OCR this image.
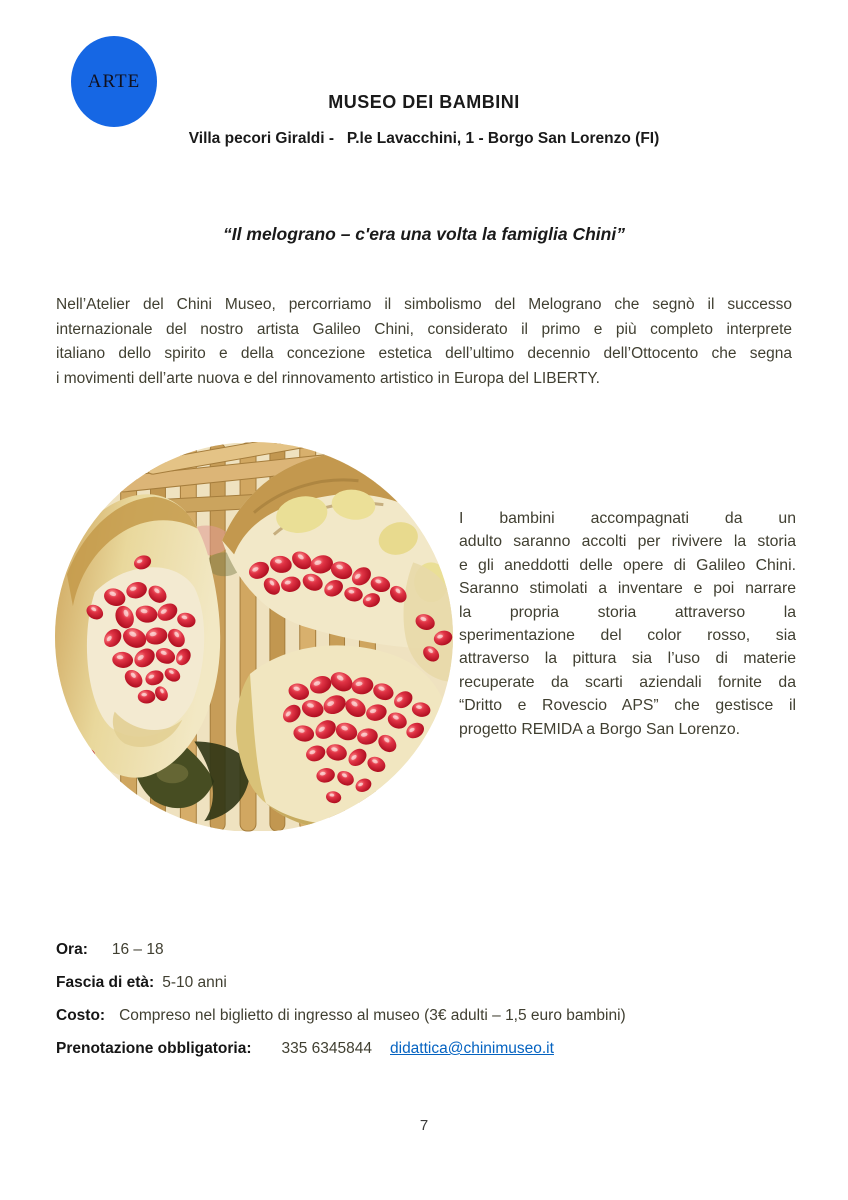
ARTE
MUSEO DEI BAMBINI
Villa pecori Giraldi -   P.le Lavacchini, 1 - Borgo San Lorenzo (FI)
“Il melograno – c'era una volta la famiglia Chini”
Nell’Atelier del Chini Museo, percorriamo il simbolismo del Melograno che segnò il successo
internazionale del nostro artista Galileo Chini, considerato il primo e più completo interprete
italiano dello spirito e della concezione estetica dell’ultimo decennio dell’Ottocento che segna
i movimenti dell’arte nuova e del rinnovamento artistico in Europa del LIBERTY.
I bambini accompagnati da un
adulto saranno accolti per rivivere la storia
e gli aneddotti delle opere di Galileo Chini.
Saranno stimolati a inventare e poi narrare
la propria storia attraverso la
sperimentazione del color rosso, sia
attraverso la pittura sia l’uso di materie
recuperate da scarti aziendali fornite da
“Dritto e Rovescio APS” che gestisce il
progetto REMIDA a Borgo San Lorenzo.
Ora: 16 – 18
Fascia di età: 5-10 anni
Costo: Compreso nel biglietto di ingresso al museo (3€ adulti – 1,5 euro bambini)
Prenotazione obbligatoria: 335 6345844 didattica@chinimuseo.it
7
